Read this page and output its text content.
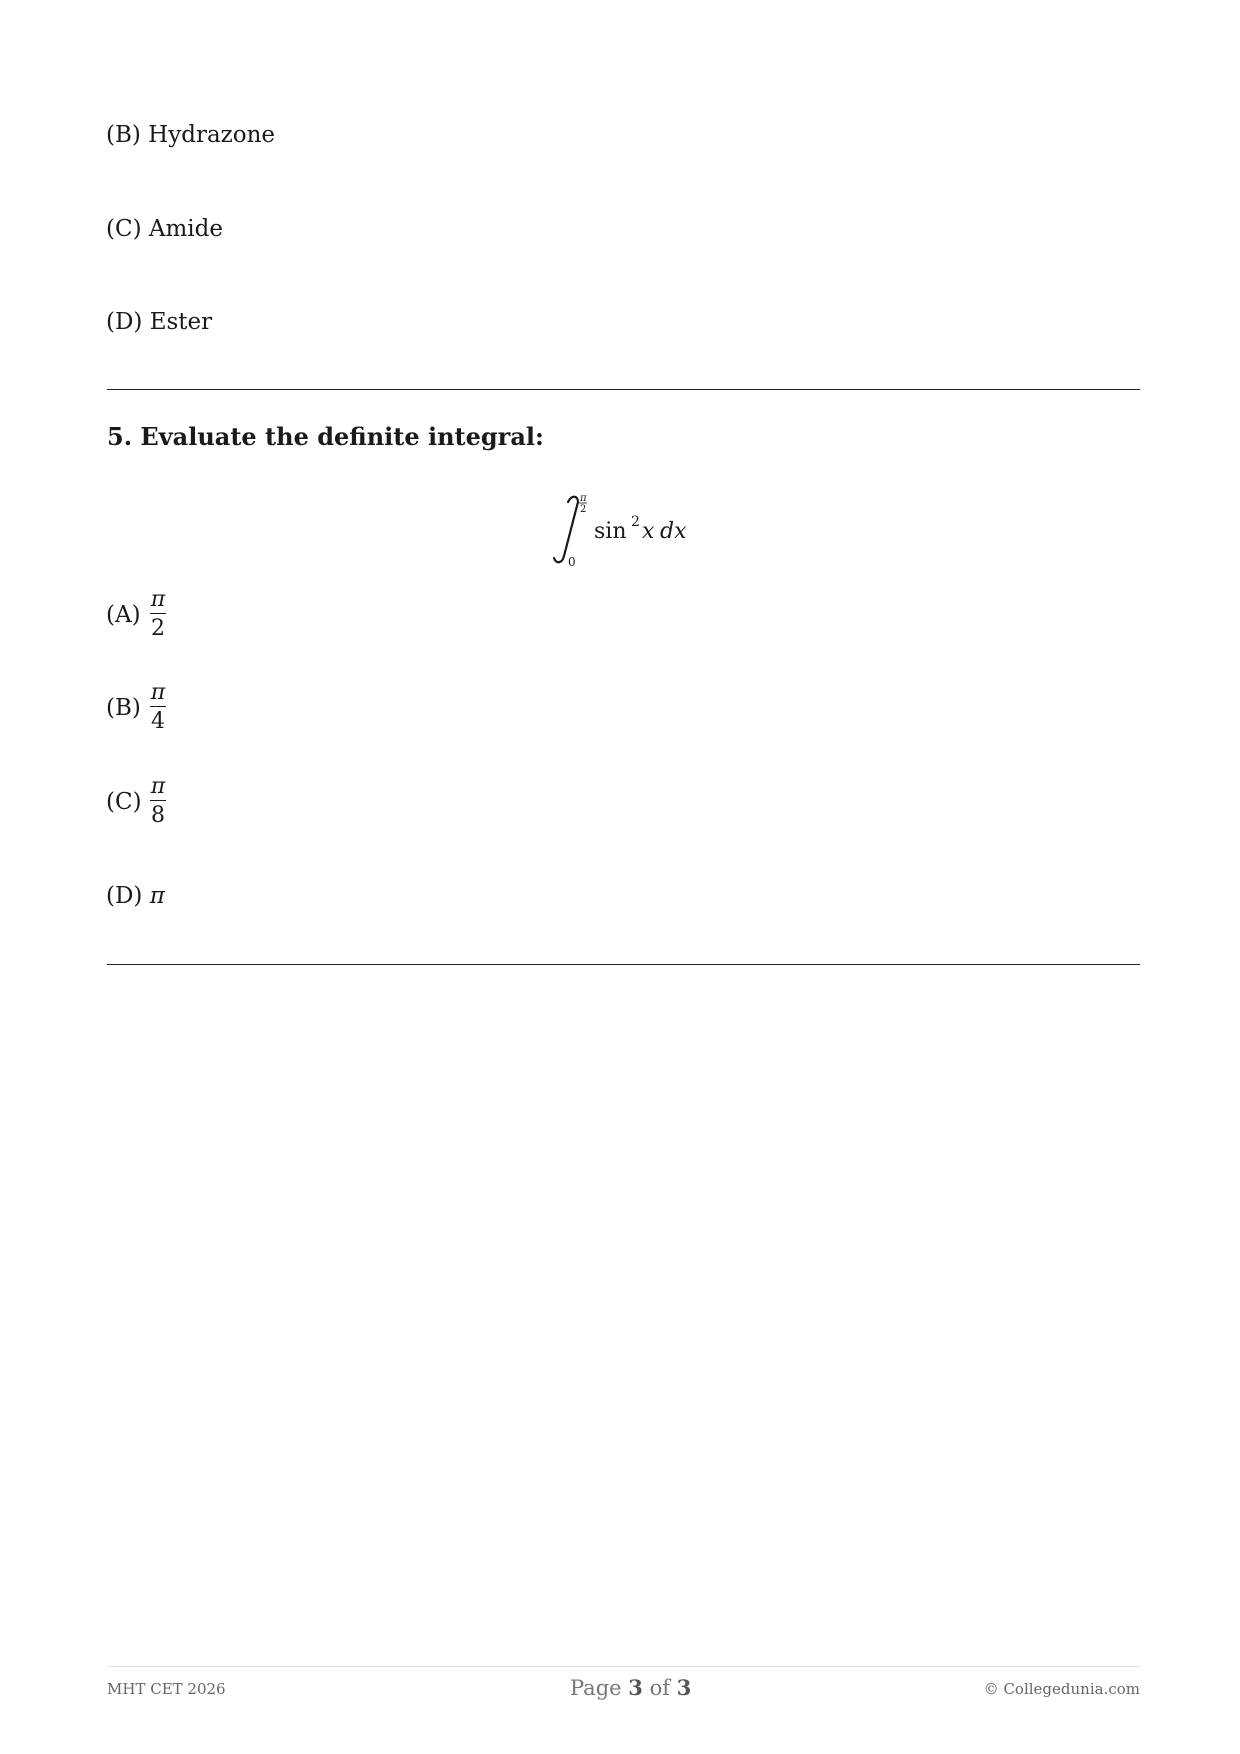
(B) Hydrazone
(C) Amide
(D) Ester
5. Evaluate the definite integral:
π
2
0
sin 2 x dx
(A)
π
2
(B)
π
4
(C)
π
8
(D) π
MHT CET 2026	Page 3 of 3	© Collegedunia.com
